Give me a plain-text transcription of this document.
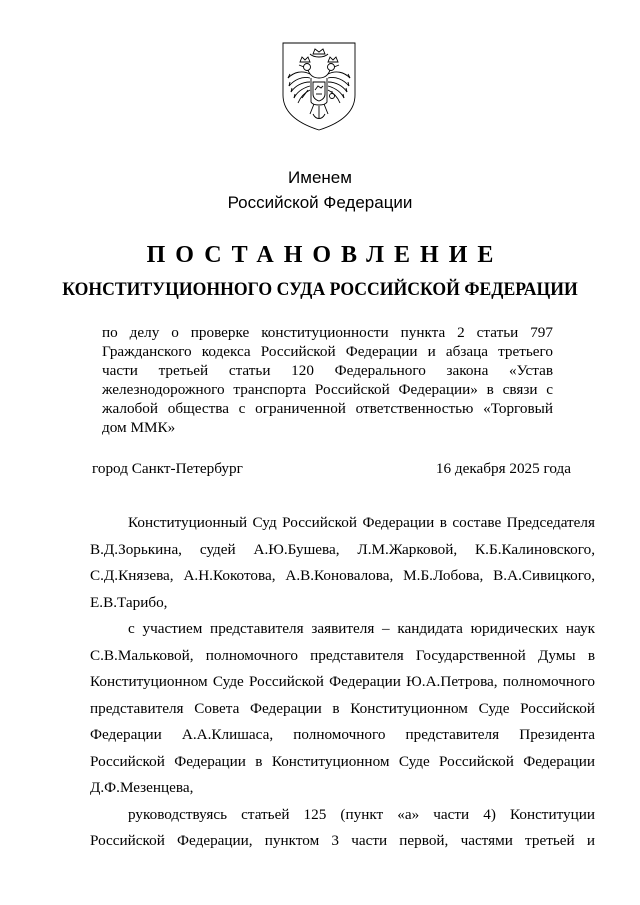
Именем
Российской Федерации
ПОСТАНОВЛЕНИЕ
КОНСТИТУЦИОННОГО СУДА РОССИЙСКОЙ ФЕДЕРАЦИИ
по делу о проверке конституционности пункта 2 статьи 797
Гражданского кодекса Российской Федерации и абзаца третьего
части третьей статьи 120 Федерального закона «Устав
железнодорожного транспорта Российской Федерации» в связи с
жалобой общества с ограниченной ответственностью «Торговый
дом ММК»
город Санкт-Петербург	16 декабря 2025 года
Конституционный Суд Российской Федерации в составе Председателя
В.Д.Зорькина, судей А.Ю.Бушева, Л.М.Жарковой, К.Б.Калиновского,
С.Д.Князева, А.Н.Кокотова, А.В.Коновалова, М.Б.Лобова, В.А.Сивицкого,
Е.В.Тарибо,
с участием представителя заявителя – кандидата юридических наук
С.В.Мальковой, полномочного представителя Государственной Думы в
Конституционном Суде Российской Федерации Ю.А.Петрова, полномочного
представителя Совета Федерации в Конституционном Суде Российской
Федерации А.А.Клишаса, полномочного представителя Президента
Российской Федерации в Конституционном Суде Российской Федерации
Д.Ф.Мезенцева,
руководствуясь статьей 125 (пункт «а» части 4) Конституции
Российской Федерации, пунктом 3 части первой, частями третьей и
